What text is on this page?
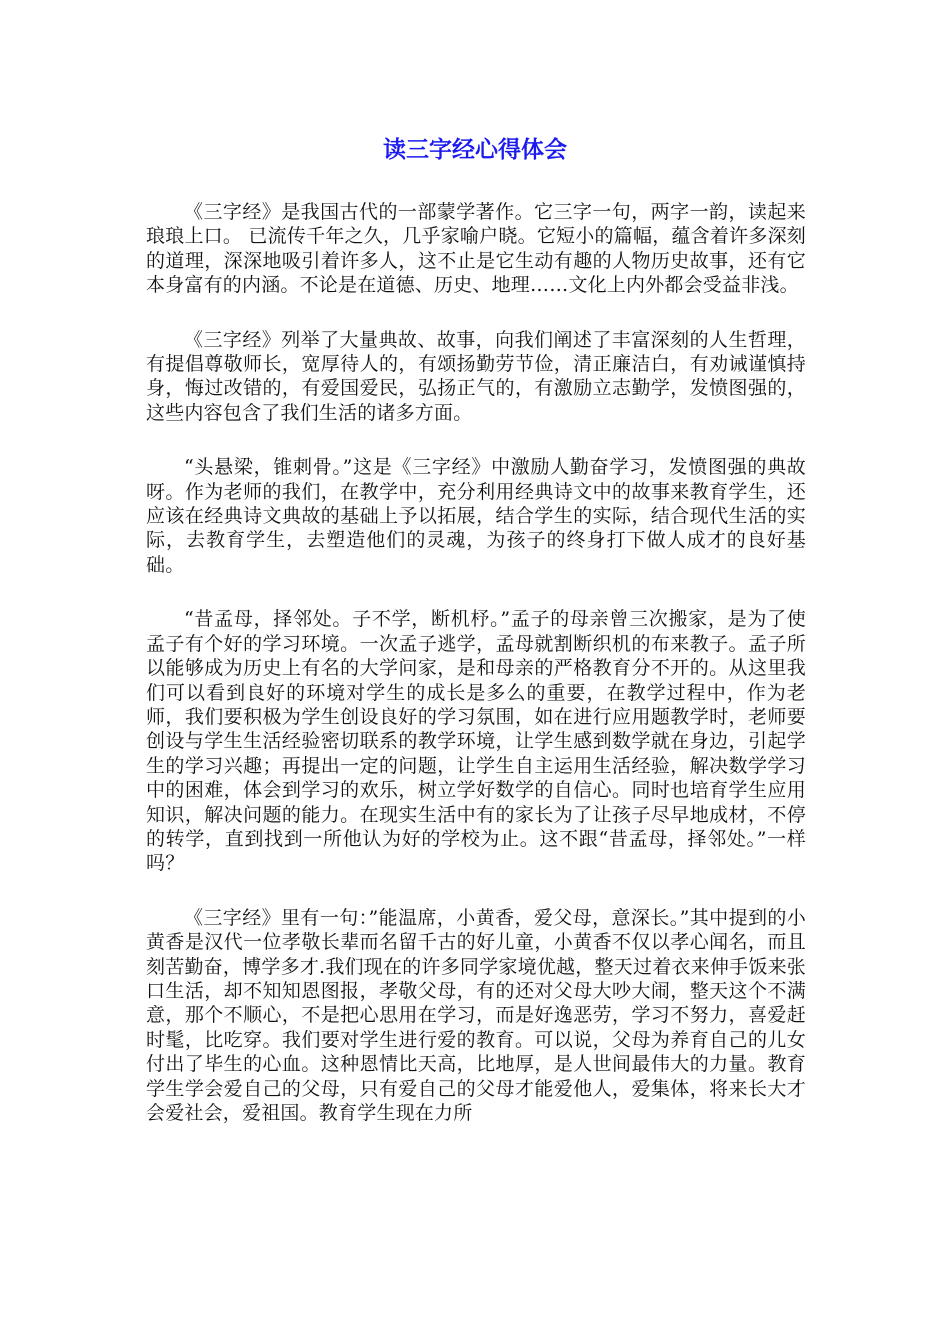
读三字经心得体会

《三字经》是我国古代的一部蒙学著作。它三字一句，两字一韵，读起来琅琅上口。 已流传千年之久，几乎家喻户晓。它短小的篇幅，蕴含着许多深刻的道理，深深地吸引着许多人，这不止是它生动有趣的人物历史故事，还有它本身富有的内涵。不论是在道德、历史、地理……文化上内外都会受益非浅。

《三字经》列举了大量典故、故事，向我们阐述了丰富深刻的人生哲理，有提倡尊敬师长，宽厚待人的，有颂扬勤劳节俭，清正廉洁白，有劝诫谨慎持身，悔过改错的，有爱国爱民，弘扬正气的，有激励立志勤学，发愤图强的，这些内容包含了我们生活的诸多方面。

“头悬梁，锥刺骨。”这是《三字经》中激励人勤奋学习，发愤图强的典故呀。作为老师的我们，在教学中，充分利用经典诗文中的故事来教育学生，还应该在经典诗文典故的基础上予以拓展，结合学生的实际，结合现代生活的实际，去教育学生，去塑造他们的灵魂，为孩子的终身打下做人成才的良好基础。

“昔孟母，择邻处。子不学，断机杼。”孟子的母亲曾三次搬家，是为了使孟子有个好的学习环境。一次孟子逃学，孟母就割断织机的布来教子。孟子所以能够成为历史上有名的大学问家，是和母亲的严格教育分不开的。从这里我们可以看到良好的环境对学生的成长是多么的重要，在教学过程中，作为老师，我们要积极为学生创设良好的学习氛围，如在进行应用题教学时，老师要创设与学生生活经验密切联系的教学环境，让学生感到数学就在身边，引起学生的学习兴趣；再提出一定的问题，让学生自主运用生活经验，解决数学学习中的困难，体会到学习的欢乐，树立学好数学的自信心。同时也培育学生应用知识，解决问题的能力。在现实生活中有的家长为了让孩子尽早地成材，不停的转学，直到找到一所他认为好的学校为止。这不跟“昔孟母，择邻处。”一样吗？

《三字经》里有一句：”能温席，小黄香，爱父母，意深长。”其中提到的小黄香是汉代一位孝敬长辈而名留千古的好儿童，小黄香不仅以孝心闻名，而且刻苦勤奋，博学多才.我们现在的许多同学家境优越，整天过着衣来伸手饭来张口生活，却不知知恩图报，孝敬父母，有的还对父母大吵大闹，整天这个不满意，那个不顺心，不是把心思用在学习，而是好逸恶劳，学习不努力，喜爱赶时髦，比吃穿。我们要对学生进行爱的教育。可以说，父母为养育自己的儿女付出了毕生的心血。这种恩情比天高，比地厚，是人世间最伟大的力量。教育学生学会爱自己的父母，只有爱自己的父母才能爱他人，爱集体，将来长大才会爱社会，爱祖国。教育学生现在力所
